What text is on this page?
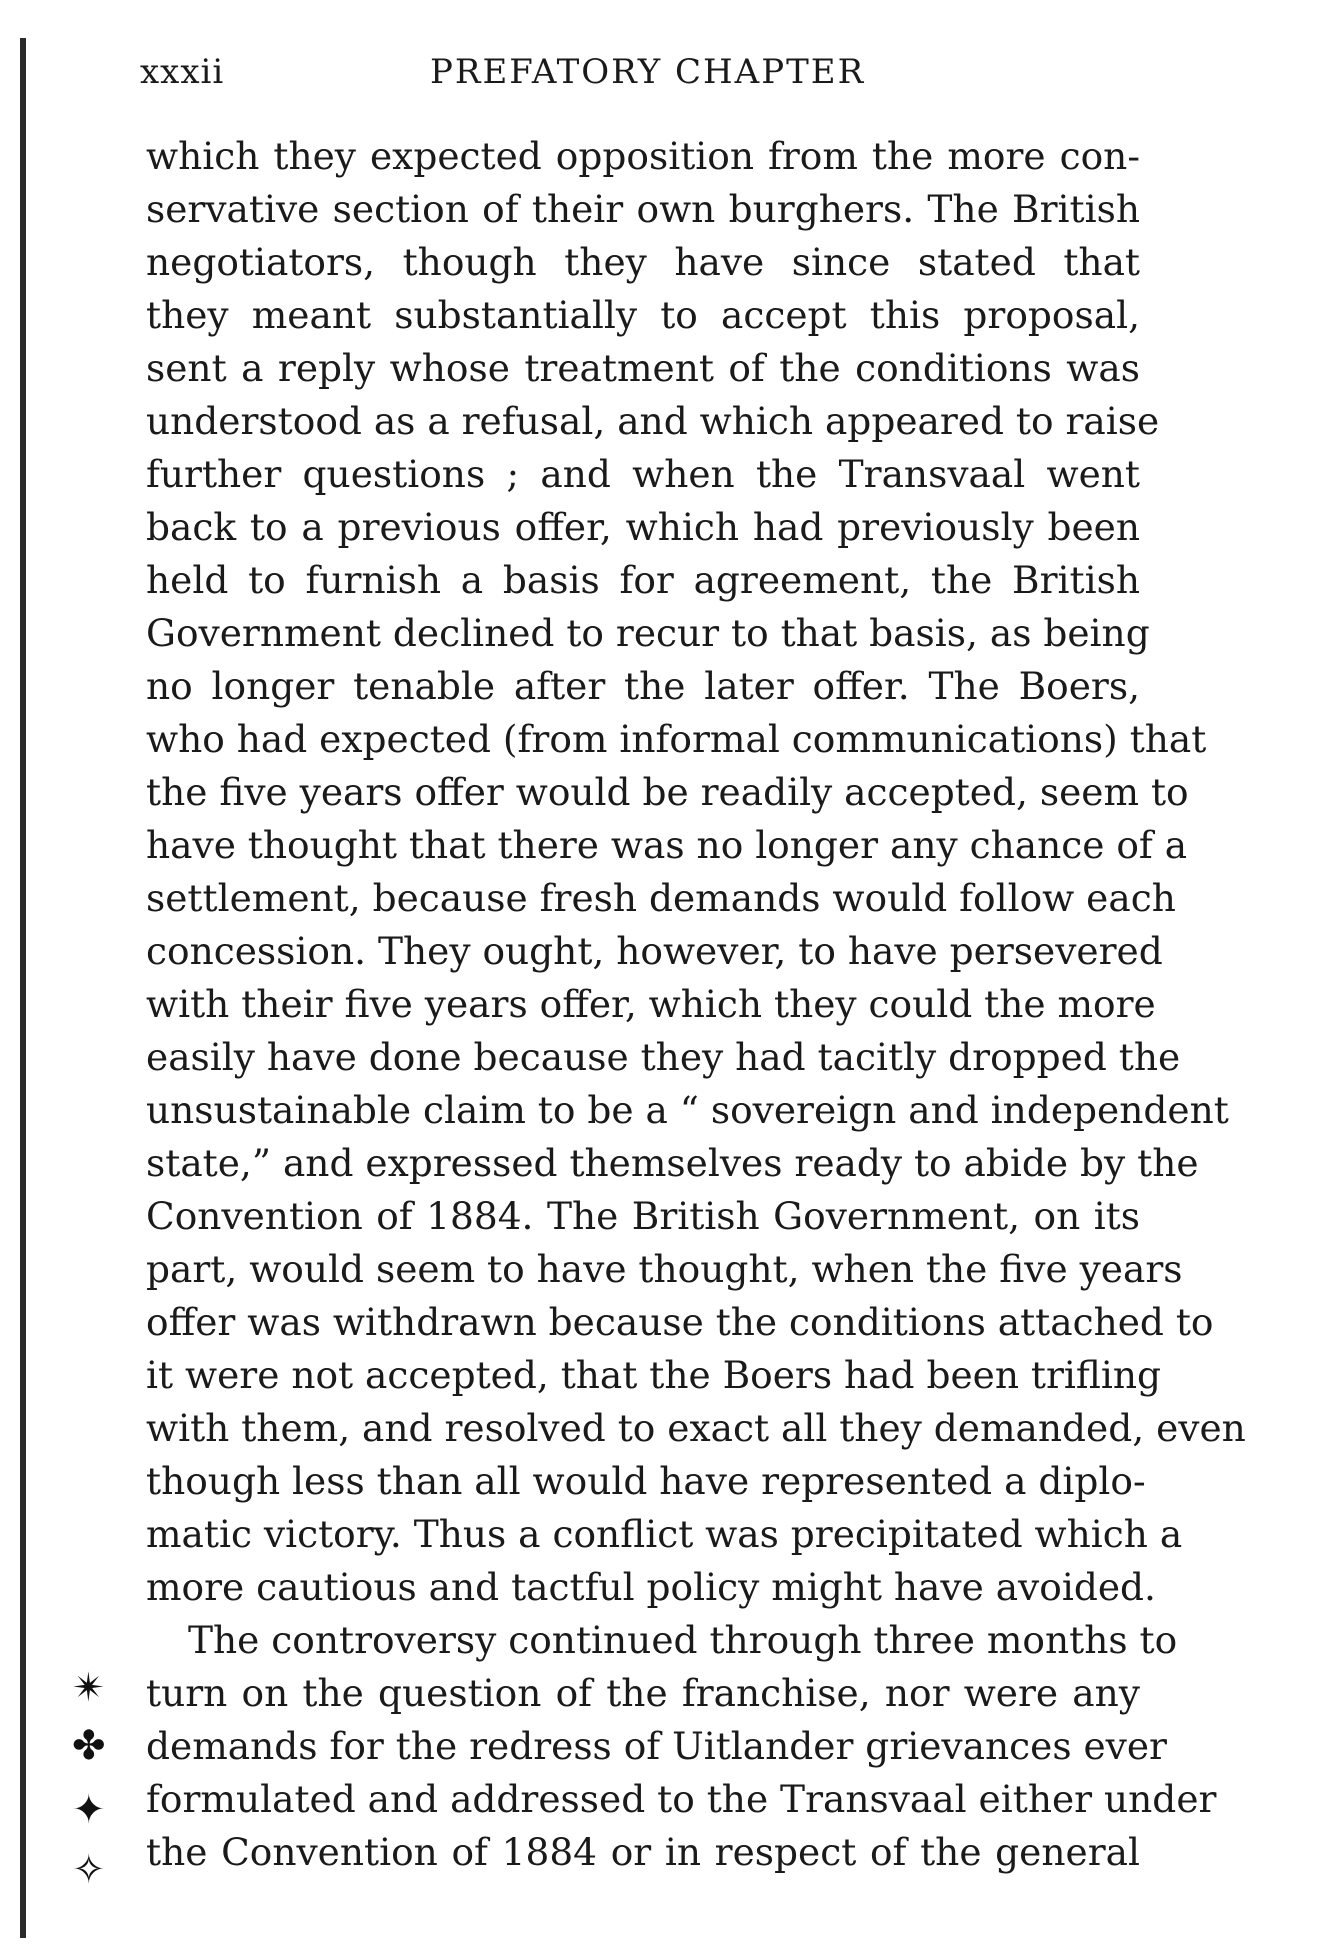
xxxii	PREFATORY CHAPTER
which they expected opposition from the more con-
servative section of their own burghers. The British
negotiators, though they have since stated that
they meant substantially to accept this proposal,
sent a reply whose treatment of the conditions was
understood as a refusal, and which appeared to raise
further questions ; and when the Transvaal went
back to a previous offer, which had previously been
held to furnish a basis for agreement, the British
Government declined to recur to that basis, as being
no longer tenable after the later offer. The Boers,
who had expected (from informal communications) that
the five years offer would be readily accepted, seem to
have thought that there was no longer any chance of a
settlement, because fresh demands would follow each
concession. They ought, however, to have persevered
with their five years offer, which they could the more
easily have done because they had tacitly dropped the
unsustainable claim to be a “ sovereign and independent
state,” and expressed themselves ready to abide by the
Convention of 1884. The British Government, on its
part, would seem to have thought, when the five years
offer was withdrawn because the conditions attached to
it were not accepted, that the Boers had been trifling
with them, and resolved to exact all they demanded, even
though less than all would have represented a diplo-
matic victory. Thus a conflict was precipitated which a
more cautious and tactful policy might have avoided.
The controversy continued through three months to
turn on the question of the franchise, nor were any
demands for the redress of Uitlander grievances ever
formulated and addressed to the Transvaal either under
the Convention of 1884 or in respect of the general
✴
✤
✦
✧
